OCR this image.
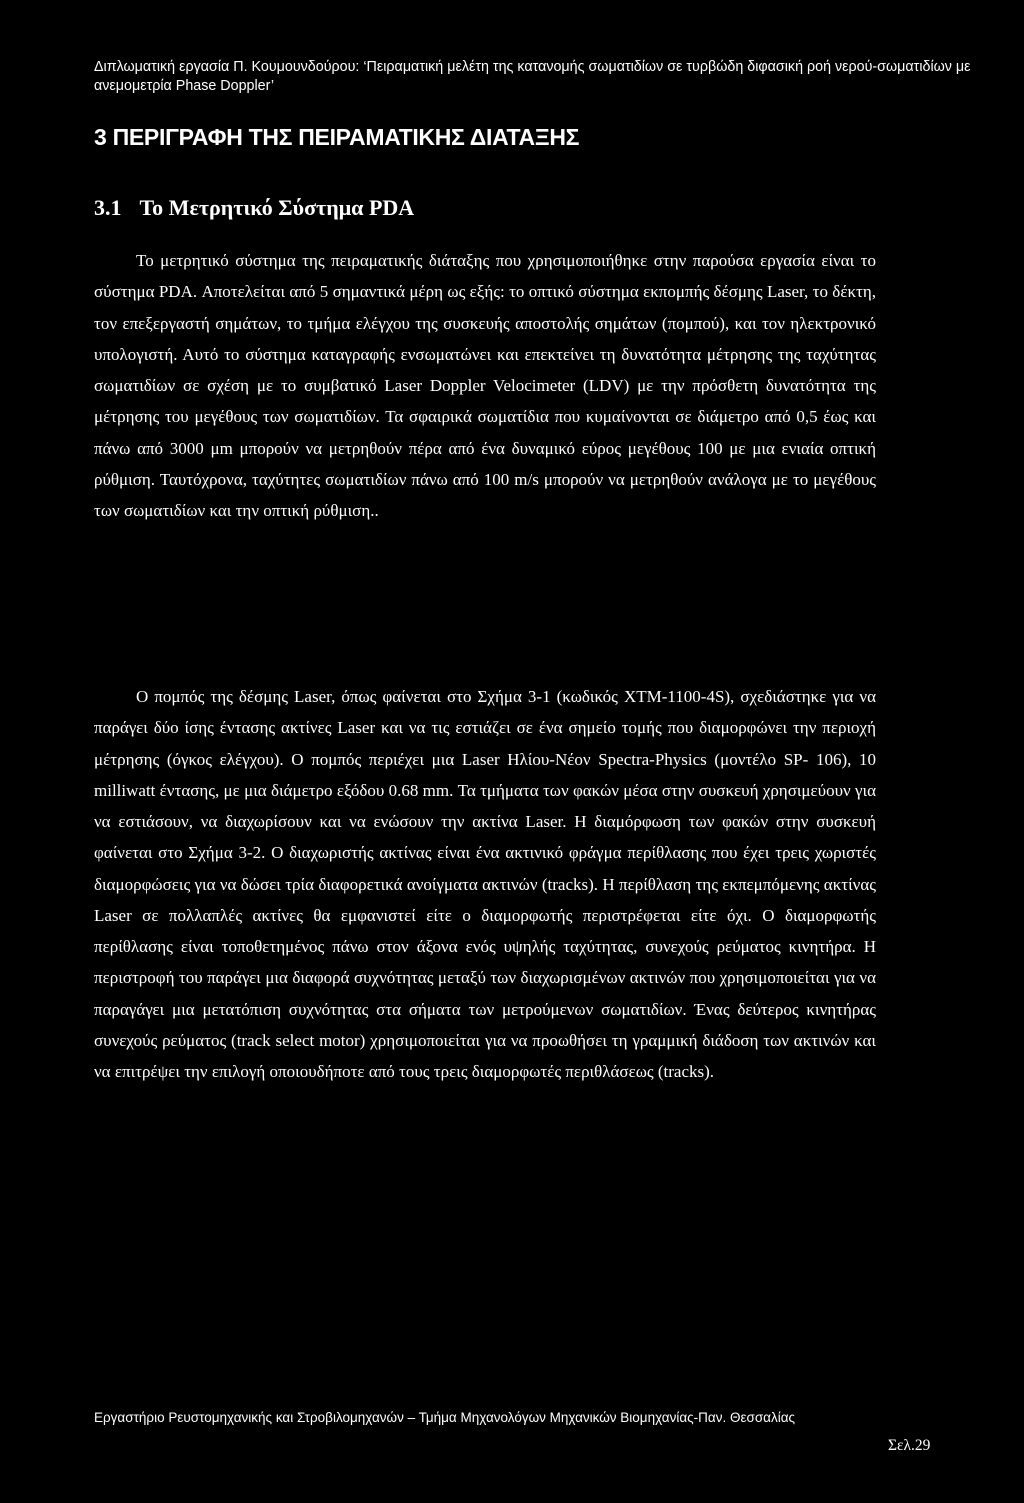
Διπλωματική εργασία Π. Κουμουνδούρου: ‘Πειραματική μελέτη της κατανομής σωματιδίων σε τυρβώδη διφασική ροή νερού-σωματιδίων με ανεμομετρία Phase Doppler’
3 ΠΕΡΙΓΡΑΦΗ ΤΗΣ ΠΕΙΡΑΜΑΤΙΚΗΣ ΔΙΑΤΑΞΗΣ
3.1 Το Μετρητικό Σύστημα PDA

Το μετρητικό σύστημα της πειραματικής διάταξης που χρησιμοποιήθηκε στην παρούσα εργασία είναι το σύστημα PDA. Αποτελείται από 5 σημαντικά μέρη ως εξής: το οπτικό σύστημα εκπομπής δέσμης Laser, το δέκτη, τον επεξεργαστή σημάτων, το τμήμα ελέγχου της συσκευής αποστολής σημάτων (πομπού), και τον ηλεκτρονικό υπολογιστή. Αυτό το σύστημα καταγραφής ενσωματώνει και επεκτείνει τη δυνατότητα μέτρησης της ταχύτητας σωματιδίων σε σχέση με το συμβατικό Laser Doppler Velocimeter (LDV) με την πρόσθετη δυνατότητα της μέτρησης του μεγέθους των σωματιδίων. Τα σφαιρικά σωματίδια που κυμαίνονται σε διάμετρο από 0,5 έως και πάνω από 3000 μm μπορούν να μετρηθούν πέρα από ένα δυναμικό εύρος μεγέθους 100 με μια ενιαία οπτική ρύθμιση. Ταυτόχρονα, ταχύτητες σωματιδίων πάνω από 100 m/s μπορούν να μετρηθούν ανάλογα με το μεγέθους των σωματιδίων και την οπτική ρύθμιση..

Ο πομπός της δέσμης Laser, όπως φαίνεται στο Σχήμα 3-1 (κωδικός XTM-1100-4S), σχεδιάστηκε για να παράγει δύο ίσης έντασης ακτίνες Laser και να τις εστιάζει σε ένα σημείο τομής που διαμορφώνει την περιοχή μέτρησης (όγκος ελέγχου). Ο πομπός περιέχει μια Laser Ηλίου-Νέον Spectra-Physics (μοντέλο SP- 106), 10 milliwatt έντασης, με μια διάμετρο εξόδου 0.68 mm. Τα τμήματα των φακών μέσα στην συσκευή χρησιμεύουν για να εστιάσουν, να διαχωρίσουν και να ενώσουν την ακτίνα Laser. Η διαμόρφωση των φακών στην συσκευή φαίνεται στο Σχήμα 3-2. Ο διαχωριστής ακτίνας είναι ένα ακτινικό φράγμα περίθλασης που έχει τρεις χωριστές διαμορφώσεις για να δώσει τρία διαφορετικά ανοίγματα ακτινών (tracks). Η περίθλαση της εκπεμπόμενης ακτίνας Laser σε πολλαπλές ακτίνες θα εμφανιστεί είτε ο διαμορφωτής περιστρέφεται είτε όχι. Ο διαμορφωτής περίθλασης είναι τοποθετημένος πάνω στον άξονα ενός υψηλής ταχύτητας, συνεχούς ρεύματος κινητήρα. Η περιστροφή του παράγει μια διαφορά συχνότητας μεταξύ των διαχωρισμένων ακτινών που χρησιμοποιείται για να παραγάγει μια μετατόπιση συχνότητας στα σήματα των μετρούμενων σωματιδίων. Ένας δεύτερος κινητήρας συνεχούς ρεύματος (track select motor) χρησιμοποιείται για να προωθήσει τη γραμμική διάδοση των ακτινών και να επιτρέψει την επιλογή οποιουδήποτε από τους τρεις διαμορφωτές περιθλάσεως (tracks).

Εργαστήριο Ρευστομηχανικής και Στροβιλομηχανών – Τμήμα Μηχανολόγων Μηχανικών Βιομηχανίας-Παν. Θεσσαλίας
Σελ.29
